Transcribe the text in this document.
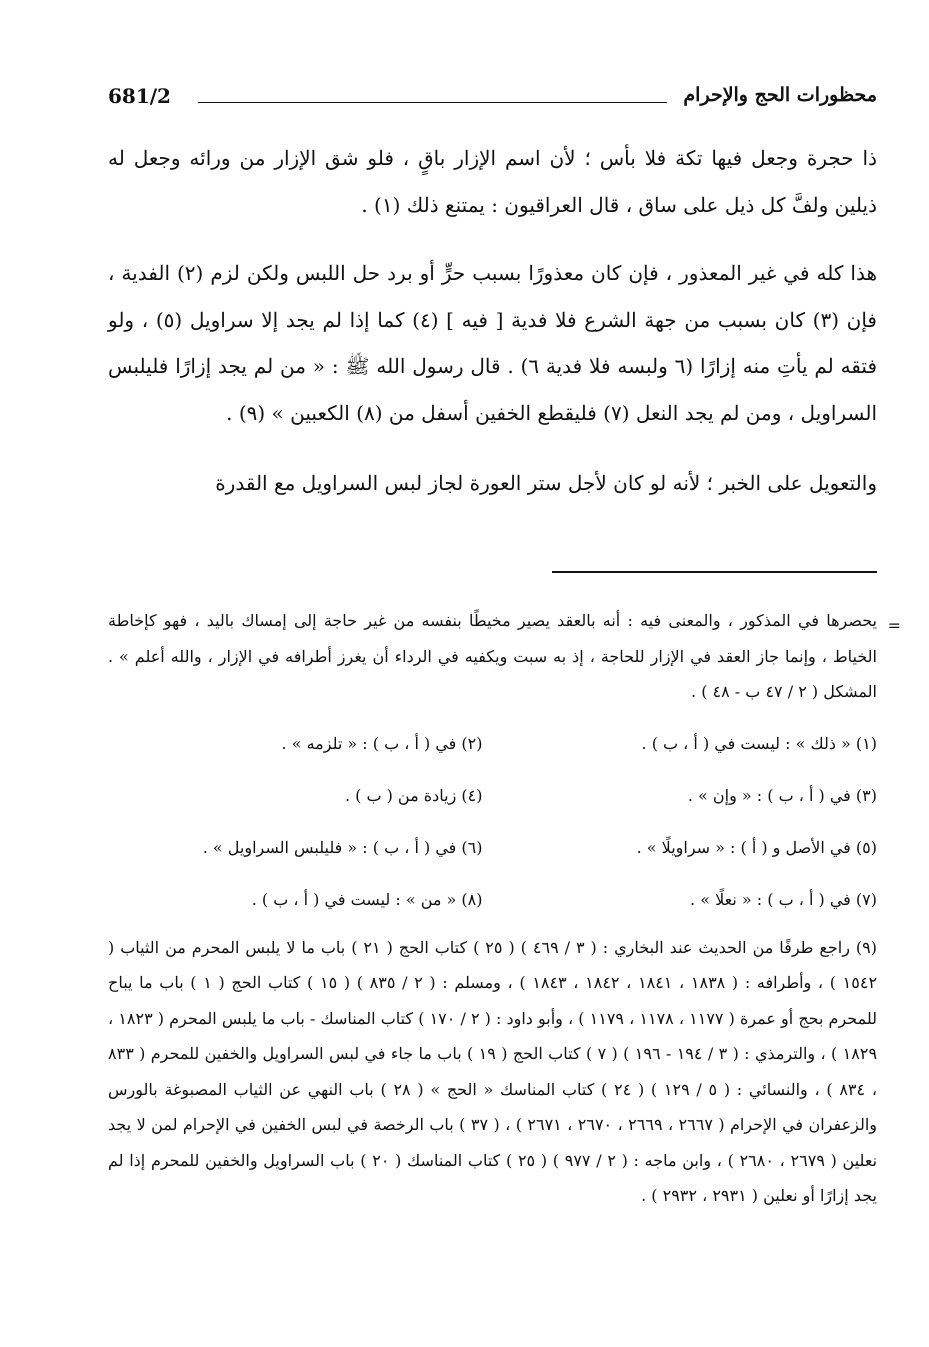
محظورات الحج والإحرام
681/2

ذا حجرة وجعل فيها تكة فلا بأس ؛ لأن اسم الإزار باقٍ ، فلو شق الإزار من ورائه وجعل له ذيلين ولفَّ كل ذيل على ساق ، قال العراقيون : يمتنع ذلك (١) .

هذا كله في غير المعذور ، فإن كان معذورًا بسبب حرٍّ أو برد حل اللبس ولكن لزم (٢) الفدية ، فإن (٣) كان بسبب من جهة الشرع فلا فدية [ فيه ] (٤) كما إذا لم يجد إلا سراويل (٥) ، ولو فتقه لم يأتِ منه إزارًا (٦ ولبسه فلا فدية ٦) . قال رسول الله ﷺ : « من لم يجد إزارًا فليلبس السراويل ، ومن لم يجد النعل (٧) فليقطع الخفين أسفل من (٨) الكعبين » (٩) .

والتعويل على الخبر ؛ لأنه لو كان لأجل ستر العورة لجاز لبس السراويل مع القدرة

=
يحصرها في المذكور ، والمعنى فيه : أنه بالعقد يصير مخيطًا بنفسه من غير حاجة إلى إمساك باليد ، فهو كإخاطة الخياط ، وإنما جاز العقد في الإزار للحاجة ، إذ به سبت ويكفيه في الرداء أن يغرز أطرافه في الإزار ، والله أعلم » . المشكل ( ٢ / ٤٧ ب - ٤٨ ) .

(١) « ذلك » : ليست في ( أ ، ب ) .
(٢) في ( أ ، ب ) : « تلزمه » .
(٣) في ( أ ، ب ) : « وإن » .
(٤) زيادة من ( ب ) .
(٥) في الأصل و ( أ ) : « سراويلًا » .
(٦) في ( أ ، ب ) : « فليلبس السراويل » .
(٧) في ( أ ، ب ) : « نعلًا » .
(٨) « من » : ليست في ( أ ، ب ) .

(٩) راجع طرفًا من الحديث عند البخاري : ( ٣ / ٤٦٩ ) ( ٢٥ ) كتاب الحج ( ٢١ ) باب ما لا يلبس المحرم من الثياب ( ١٥٤٢ ) ، وأطرافه : ( ١٨٣٨ ، ١٨٤١ ، ١٨٤٢ ، ١٨٤٣ ) ، ومسلم : ( ٢ / ٨٣٥ ) ( ١٥ ) كتاب الحج ( ١ ) باب ما يباح للمحرم بحج أو عمرة ( ١١٧٧ ، ١١٧٨ ، ١١٧٩ ) ، وأبو داود : ( ٢ / ١٧٠ ) كتاب المناسك - باب ما يلبس المحرم ( ١٨٢٣ ، ١٨٢٩ ) ، والترمذي : ( ٣ / ١٩٤ - ١٩٦ ) ( ٧ ) كتاب الحج ( ١٩ ) باب ما جاء في لبس السراويل والخفين للمحرم ( ٨٣٣ ، ٨٣٤ ) ، والنسائي : ( ٥ / ١٢٩ ) ( ٢٤ ) كتاب المناسك « الحج » ( ٢٨ ) باب النهي عن الثياب المصبوغة بالورس والزعفران في الإحرام ( ٢٦٦٧ ، ٢٦٦٩ ، ٢٦٧٠ ، ٢٦٧١ ) ، ( ٣٧ ) باب الرخصة في لبس الخفين في الإحرام لمن لا يجد نعلين ( ٢٦٧٩ ، ٢٦٨٠ ) ، وابن ماجه : ( ٢ / ٩٧٧ ) ( ٢٥ ) كتاب المناسك ( ٢٠ ) باب السراويل والخفين للمحرم إذا لم يجد إزارًا أو نعلين ( ٢٩٣١ ، ٢٩٣٢ ) .
